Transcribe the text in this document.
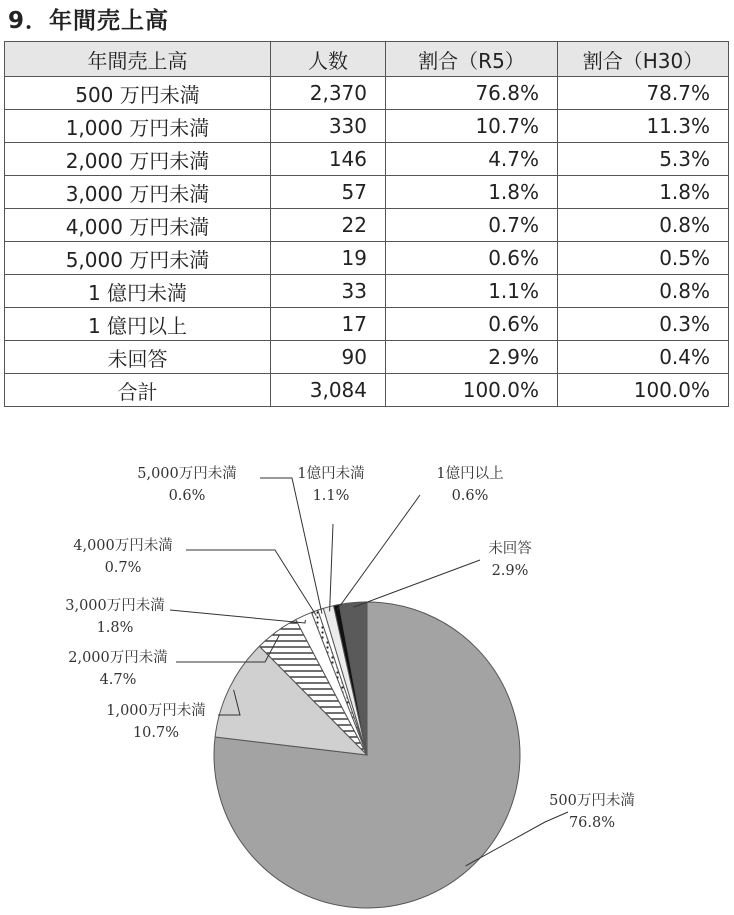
9．年間売上高
年間売上高	人数	割合（R5）	割合（H30）
500 万円未満	2,370	76.8%	78.7%
1,000 万円未満	330	10.7%	11.3%
2,000 万円未満	146	4.7%	5.3%
3,000 万円未満	57	1.8%	1.8%
4,000 万円未満	22	0.7%	0.8%
5,000 万円未満	19	0.6%	0.5%
1 億円未満	33	1.1%	0.8%
1 億円以上	17	0.6%	0.3%
未回答	90	2.9%	0.4%
合計	3,084	100.0%	100.0%
500万円未満
76.8%
1,000万円未満
10.7%
2,000万円未満
4.7%
3,000万円未満
1.8%
4,000万円未満
0.7%
5,000万円未満
0.6%
1億円未満
1.1%
1億円以上
0.6%
未回答
2.9%
